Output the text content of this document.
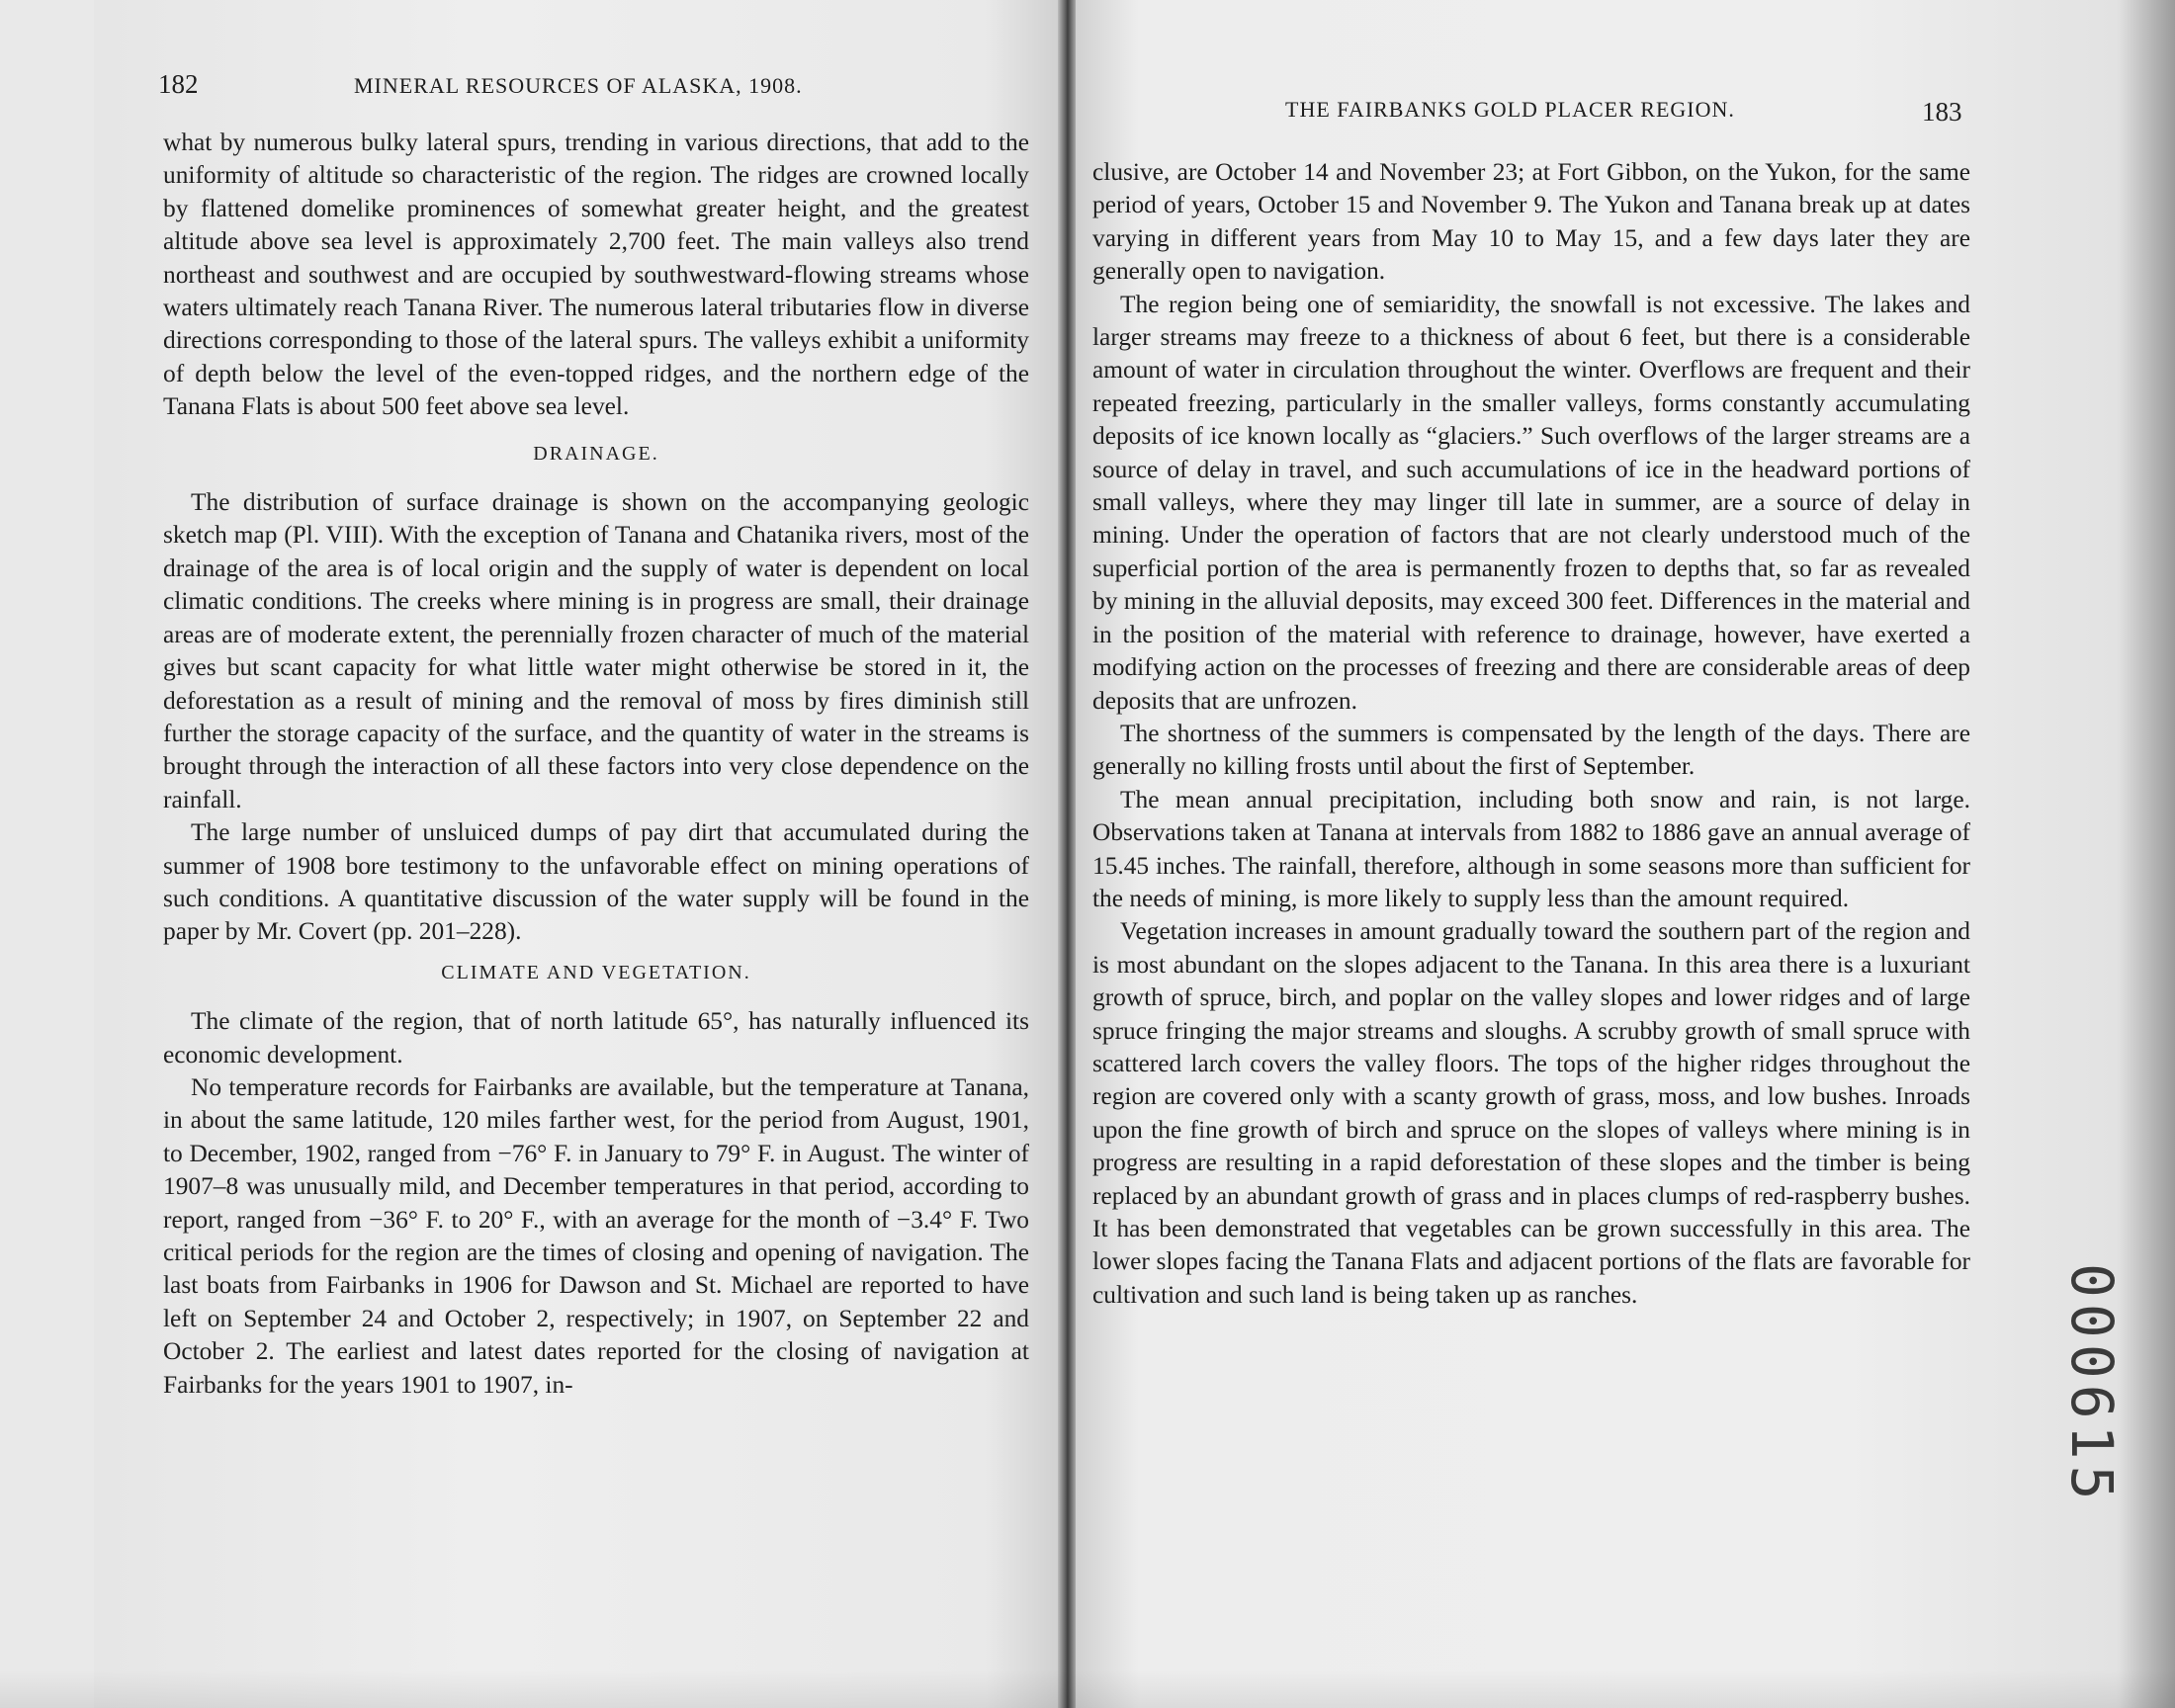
182	MINERAL RESOURCES OF ALASKA, 1908.

what by numerous bulky lateral spurs, trending in various directions, that add to the uniformity of altitude so characteristic of the region. The ridges are crowned locally by flattened domelike prominences of somewhat greater height, and the greatest altitude above sea level is approximately 2,700 feet. The main valleys also trend northeast and southwest and are occupied by southwestward-flowing streams whose waters ultimately reach Tanana River. The numerous lateral tributaries flow in diverse directions corresponding to those of the lateral spurs. The valleys exhibit a uniformity of depth below the level of the even-topped ridges, and the northern edge of the Tanana Flats is about 500 feet above sea level.

DRAINAGE.

The distribution of surface drainage is shown on the accompanying geologic sketch map (Pl. VIII). With the exception of Tanana and Chatanika rivers, most of the drainage of the area is of local origin and the supply of water is dependent on local climatic conditions. The creeks where mining is in progress are small, their drainage areas are of moderate extent, the perennially frozen character of much of the material gives but scant capacity for what little water might otherwise be stored in it, the deforestation as a result of mining and the removal of moss by fires diminish still further the storage capacity of the surface, and the quantity of water in the streams is brought through the interaction of all these factors into very close dependence on the rainfall.

The large number of unsluiced dumps of pay dirt that accumulated during the summer of 1908 bore testimony to the unfavorable effect on mining operations of such conditions. A quantitative discussion of the water supply will be found in the paper by Mr. Covert (pp. 201–228).

CLIMATE AND VEGETATION.

The climate of the region, that of north latitude 65°, has naturally influenced its economic development.

No temperature records for Fairbanks are available, but the temperature at Tanana, in about the same latitude, 120 miles farther west, for the period from August, 1901, to December, 1902, ranged from −76° F. in January to 79° F. in August. The winter of 1907–8 was unusually mild, and December temperatures in that period, according to report, ranged from −36° F. to 20° F., with an average for the month of −3.4° F. Two critical periods for the region are the times of closing and opening of navigation. The last boats from Fairbanks in 1906 for Dawson and St. Michael are reported to have left on September 24 and October 2, respectively; in 1907, on September 22 and October 2. The earliest and latest dates reported for the closing of navigation at Fairbanks for the years 1901 to 1907, in-

THE FAIRBANKS GOLD PLACER REGION.	183

clusive, are October 14 and November 23; at Fort Gibbon, on the Yukon, for the same period of years, October 15 and November 9. The Yukon and Tanana break up at dates varying in different years from May 10 to May 15, and a few days later they are generally open to navigation.

The region being one of semiaridity, the snowfall is not excessive. The lakes and larger streams may freeze to a thickness of about 6 feet, but there is a considerable amount of water in circulation throughout the winter. Overflows are frequent and their repeated freezing, particularly in the smaller valleys, forms constantly accumulating deposits of ice known locally as “glaciers.” Such overflows of the larger streams are a source of delay in travel, and such accumulations of ice in the headward portions of small valleys, where they may linger till late in summer, are a source of delay in mining. Under the operation of factors that are not clearly understood much of the superficial portion of the area is permanently frozen to depths that, so far as revealed by mining in the alluvial deposits, may exceed 300 feet. Differences in the material and in the position of the material with reference to drainage, however, have exerted a modifying action on the processes of freezing and there are considerable areas of deep deposits that are unfrozen.

The shortness of the summers is compensated by the length of the days. There are generally no killing frosts until about the first of September.

The mean annual precipitation, including both snow and rain, is not large. Observations taken at Tanana at intervals from 1882 to 1886 gave an annual average of 15.45 inches. The rainfall, therefore, although in some seasons more than sufficient for the needs of mining, is more likely to supply less than the amount required.

Vegetation increases in amount gradually toward the southern part of the region and is most abundant on the slopes adjacent to the Tanana. In this area there is a luxuriant growth of spruce, birch, and poplar on the valley slopes and lower ridges and of large spruce fringing the major streams and sloughs. A scrubby growth of small spruce with scattered larch covers the valley floors. The tops of the higher ridges throughout the region are covered only with a scanty growth of grass, moss, and low bushes. Inroads upon the fine growth of birch and spruce on the slopes of valleys where mining is in progress are resulting in a rapid deforestation of these slopes and the timber is being replaced by an abundant growth of grass and in places clumps of red-raspberry bushes. It has been demonstrated that vegetables can be grown successfully in this area. The lower slopes facing the Tanana Flats and adjacent portions of the flats are favorable for cultivation and such land is being taken up as ranches.
